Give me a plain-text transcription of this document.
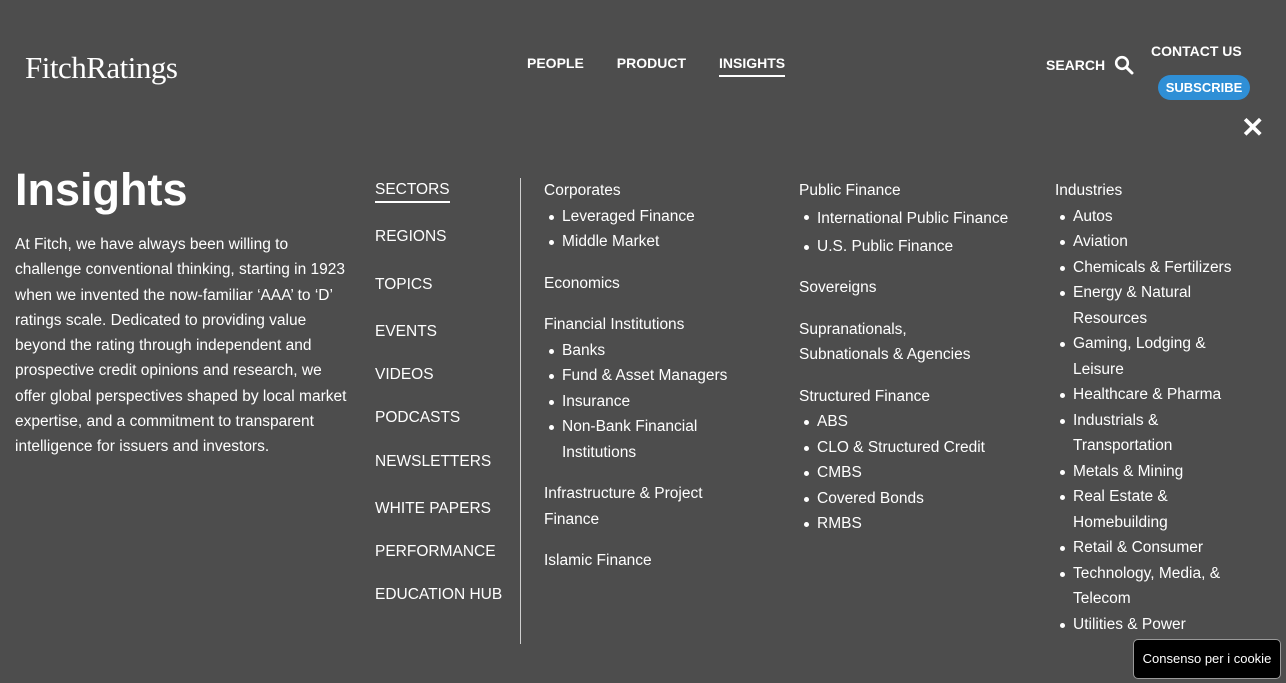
FitchRatings	PEOPLE PRODUCT INSIGHTS	SEARCH
CONTACT US
SUBSCRIBE
✕
Insights

At Fitch, we have always been willing to challenge conventional thinking, starting in 1923 when we invented the now-familiar ‘AAA’ to ‘D’ ratings scale. Dedicated to providing value beyond the rating through independent and prospective credit opinions and research, we offer global perspectives shaped by local market expertise, and a commitment to transparent intelligence for issuers and investors.

SECTORS
REGIONS
TOPICS
EVENTS
VIDEOS
PODCASTS
NEWSLETTERS
WHITE PAPERS
PERFORMANCE
EDUCATION HUB
Corporates
Leveraged Finance
Middle Market
Economics
Financial Institutions
Banks
Fund & Asset Managers
Insurance
Non-Bank Financial Institutions
Infrastructure & Project Finance
Islamic Finance
Public Finance
International Public Finance
U.S. Public Finance
Sovereigns
Supranationals, Subnationals & Agencies
Structured Finance
ABS
CLO & Structured Credit
CMBS
Covered Bonds
RMBS
Industries
Autos
Aviation
Chemicals & Fertilizers
Energy & Natural Resources
Gaming, Lodging & Leisure
Healthcare & Pharma
Industrials & Transportation
Metals & Mining
Real Estate & Homebuilding
Retail & Consumer
Technology, Media, & Telecom
Utilities & Power
Consenso per i cookie
